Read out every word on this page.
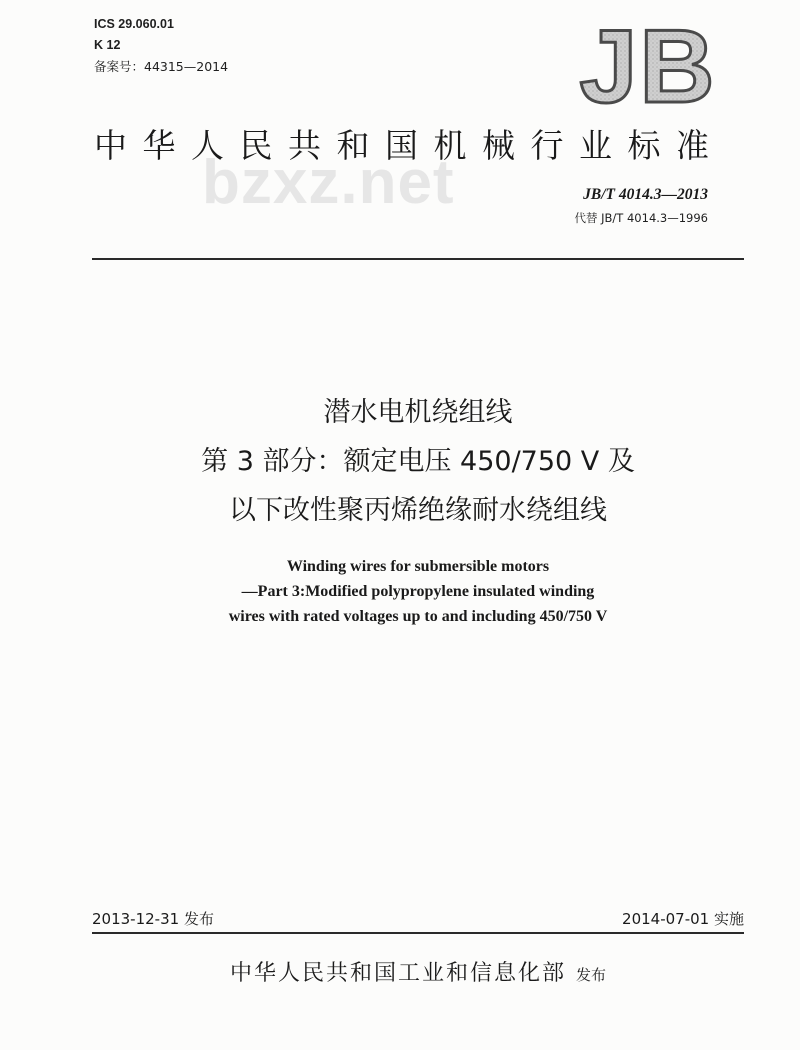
ICS 29.060.01
K 12
备案号：44315—2014	JB
bzxz.net
中华人民共和国机械行业标准
JB/T 4014.3—2013
代替 JB/T 4014.3—1996
潜水电机绕组线
第 3 部分：额定电压 450/750 V 及
以下改性聚丙烯绝缘耐水绕组线
Winding wires for submersible motors
—Part 3:Modified polypropylene insulated winding
wires with rated voltages up to and including 450/750 V
2013-12-31 发布	2014-07-01 实施
中华人民共和国工业和信息化部 发布
